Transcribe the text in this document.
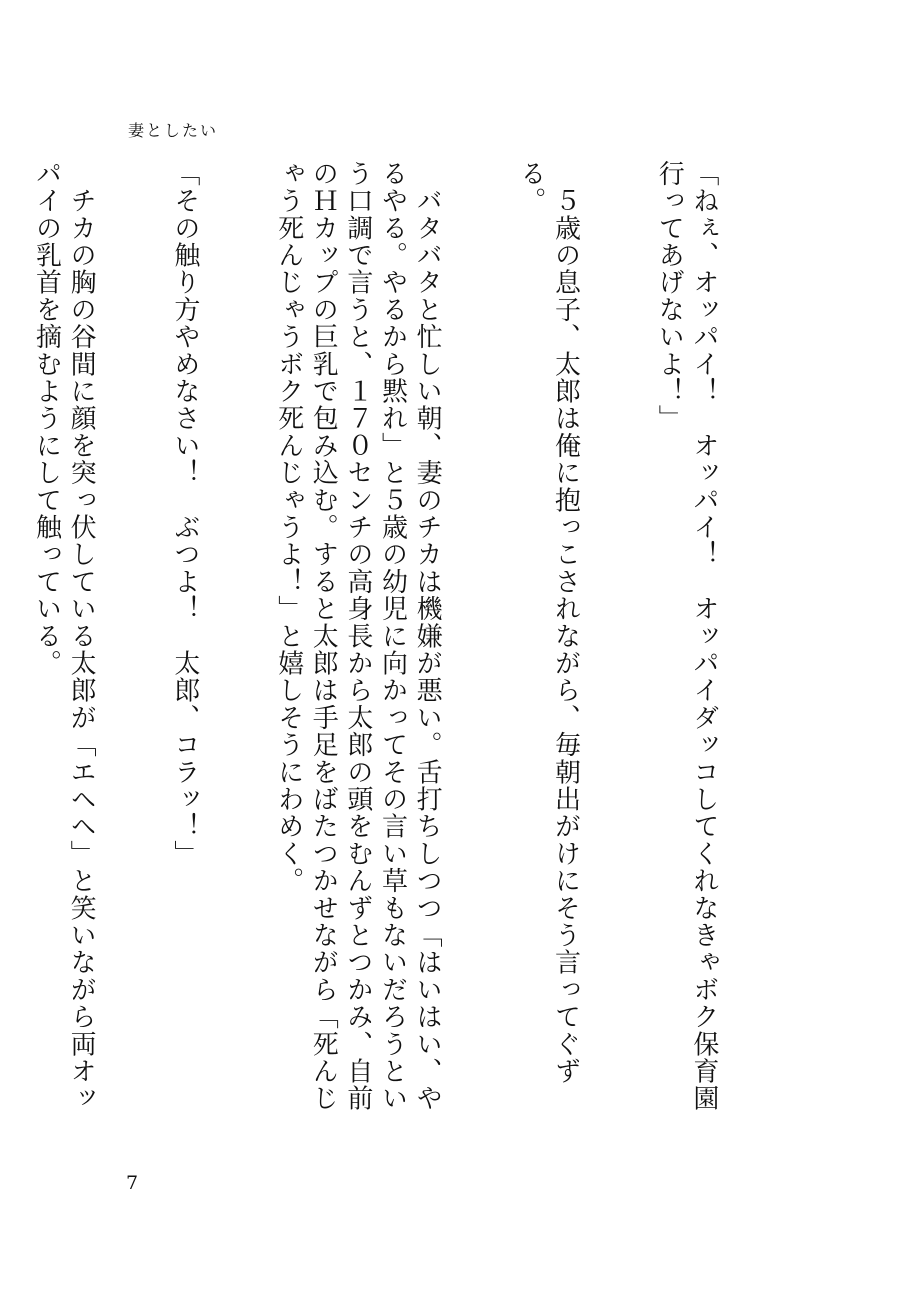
妻としたい

「ねぇ、オッパイ！　オッパイ！　オッパイダッコしてくれなきゃボク保育園行ってあげないよ！」

　５歳の息子、太郎は俺に抱っこされながら、毎朝出がけにそう言ってぐずる。

　バタバタと忙しい朝、妻のチカは機嫌が悪い。舌打ちしつつ「はいはい、やるやる。やるから黙れ」と５歳の幼児に向かってその言い草もないだろうという口調で言うと、１７０センチの高身長から太郎の頭をむんずとつかみ、自前のＨカップの巨乳で包み込む。すると太郎は手足をばたつかせながら「死んじゃう死んじゃうボク死んじゃうよ！」と嬉しそうにわめく。

「その触り方やめなさい！　ぶつよ！　太郎、コラッ！」

　チカの胸の谷間に顔を突っ伏している太郎が「エヘヘ」と笑いながら両オッパイの乳首を摘むようにして触っている。

7
